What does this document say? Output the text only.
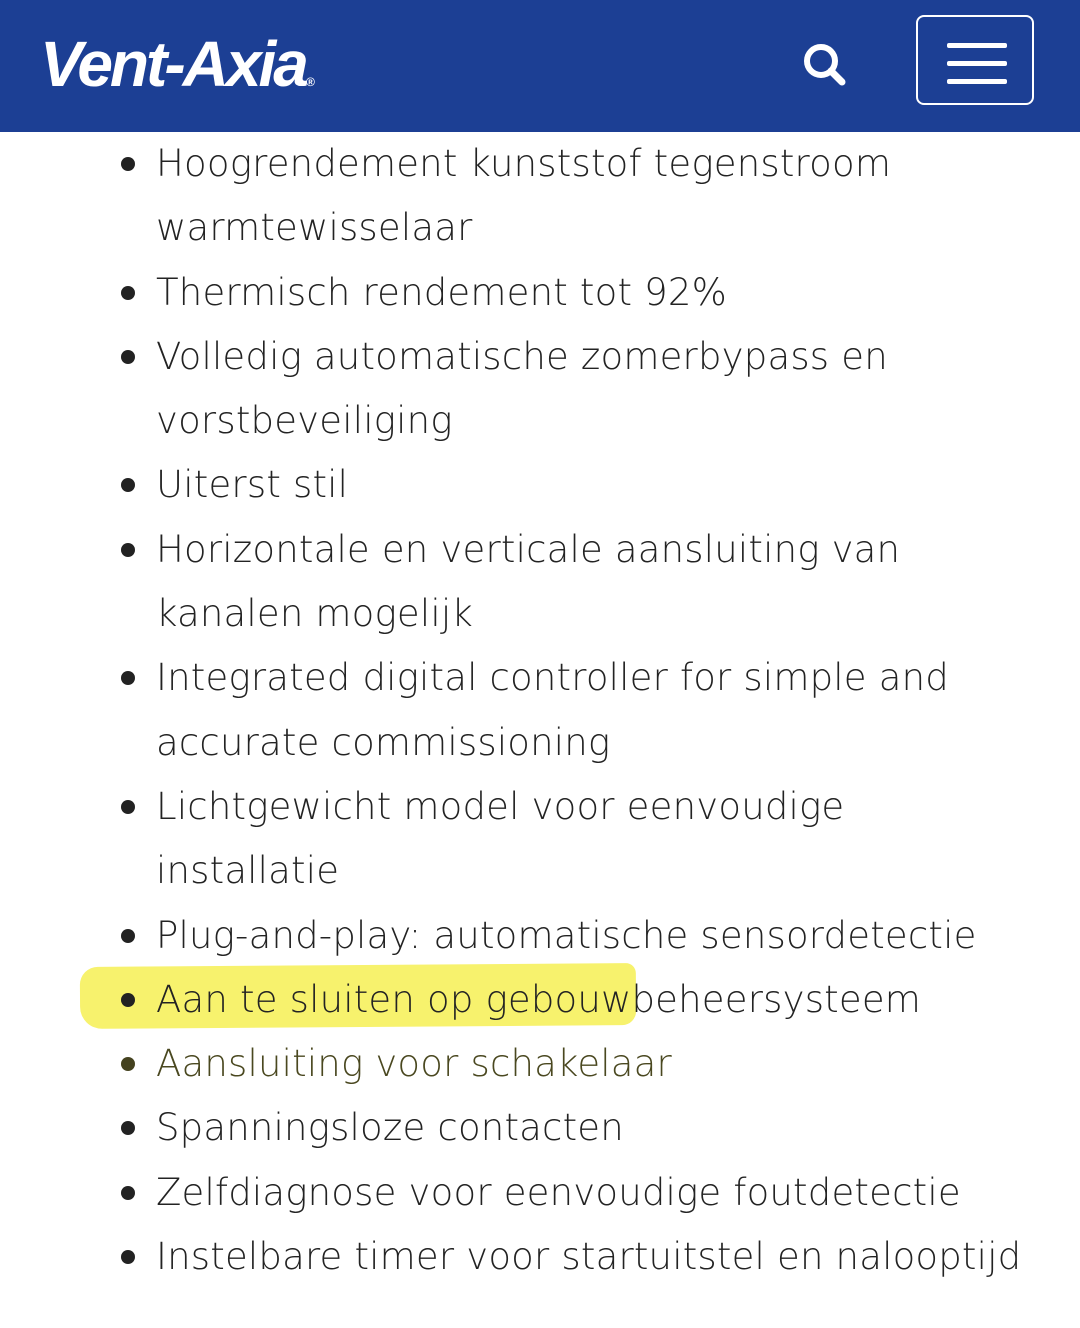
Vent-Axia®
Hoogrendement kunststof tegenstroom warmtewisselaar
Thermisch rendement tot 92%
Volledig automatische zomerbypass en vorstbeveiliging
Uiterst stil
Horizontale en verticale aansluiting van kanalen mogelijk
Integrated digital controller for simple and accurate commissioning
Lichtgewicht model voor eenvoudige installatie
Plug-and-play: automatische sensordetectie
Aan te sluiten op gebouwbeheersysteem
Aansluiting voor schakelaar
Spanningsloze contacten
Zelfdiagnose voor eenvoudige foutdetectie
Instelbare timer voor startuitstel en nalooptijd
